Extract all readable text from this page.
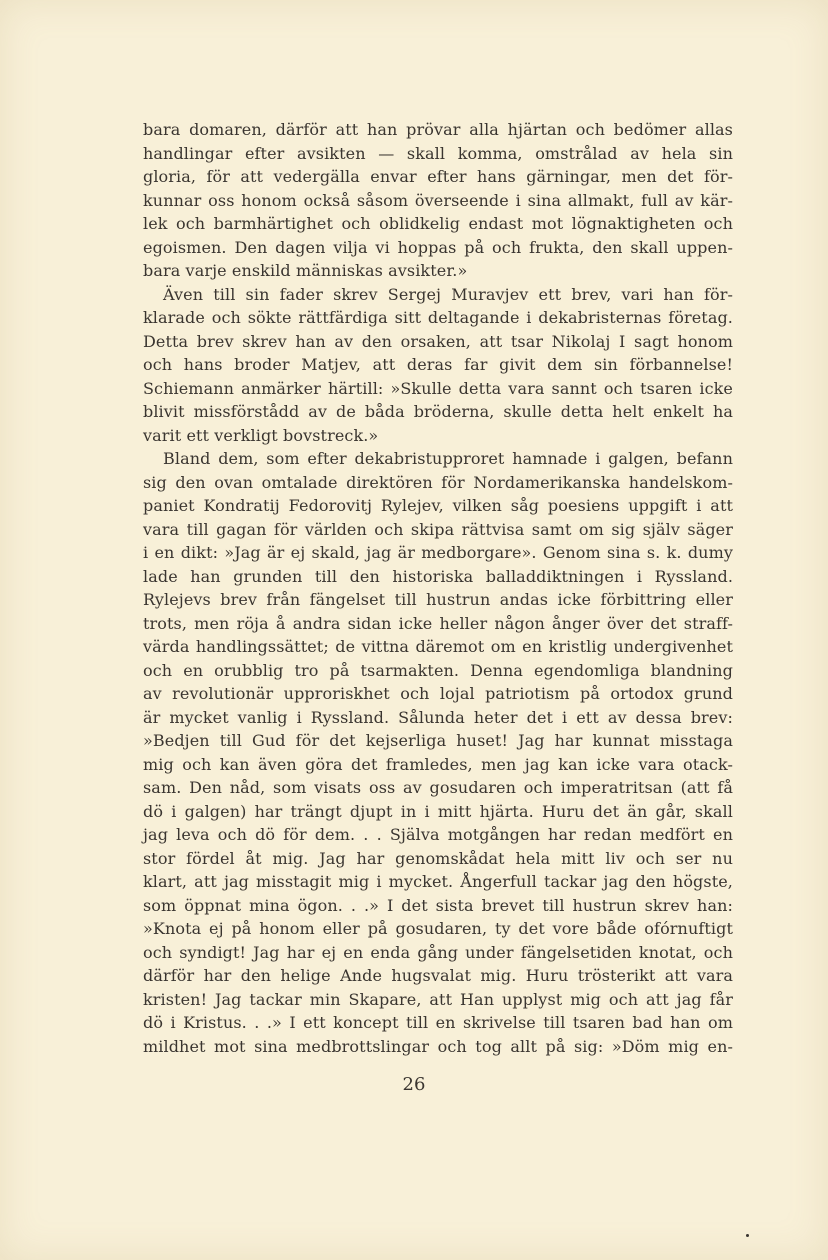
bara domaren, därför att han prövar alla hjärtan och bedömer allas
handlingar efter avsikten — skall komma, omstrålad av hela sin
gloria, för att vedergälla envar efter hans gärningar, men det för-
kunnar oss honom också såsom överseende i sina allmakt, full av kär-
lek och barmhärtighet och oblidkelig endast mot lögnaktigheten och
egoismen. Den dagen vilja vi hoppas på och frukta, den skall uppen-
bara varje enskild människas avsikter.»
Även till sin fader skrev Sergej Muravjev ett brev, vari han för-
klarade och sökte rättfärdiga sitt deltagande i dekabristernas företag.
Detta brev skrev han av den orsaken, att tsar Nikolaj I sagt honom
och hans broder Matjev, att deras far givit dem sin förbannelse!
Schiemann anmärker härtill: »Skulle detta vara sannt och tsaren icke
blivit missförstådd av de båda bröderna, skulle detta helt enkelt ha
varit ett verkligt bovstreck.»
Bland dem, som efter dekabristupproret hamnade i galgen, befann
sig den ovan omtalade direktören för Nordamerikanska handelskom-
paniet Kondratij Fedorovitj Rylejev, vilken såg poesiens uppgift i att
vara till gagan för världen och skipa rättvisa samt om sig själv säger
i en dikt: »Jag är ej skald, jag är medborgare». Genom sina s. k. dumy
lade han grunden till den historiska balladdiktningen i Ryssland.
Rylejevs brev från fängelset till hustrun andas icke förbittring eller
trots, men röja å andra sidan icke heller någon ånger över det straff-
värda handlingssättet; de vittna däremot om en kristlig undergivenhet
och en orubblig tro på tsarmakten. Denna egendomliga blandning
av revolutionär upproriskhet och lojal patriotism på ortodox grund
är mycket vanlig i Ryssland. Sålunda heter det i ett av dessa brev:
»Bedjen till Gud för det kejserliga huset! Jag har kunnat misstaga
mig och kan även göra det framledes, men jag kan icke vara otack-
sam. Den nåd, som visats oss av gosudaren och imperatritsan (att få
dö i galgen) har trängt djupt in i mitt hjärta. Huru det än går, skall
jag leva och dö för dem. . . Själva motgången har redan medfört en
stor fördel åt mig. Jag har genomskådat hela mitt liv och ser nu
klart, att jag misstagit mig i mycket. Ångerfull tackar jag den högste,
som öppnat mina ögon. . .» I det sista brevet till hustrun skrev han:
»Knota ej på honom eller på gosudaren, ty det vore både ofórnuftigt
och syndigt! Jag har ej en enda gång under fängelsetiden knotat, och
därför har den helige Ande hugsvalat mig. Huru trösterikt att vara
kristen! Jag tackar min Skapare, att Han upplyst mig och att jag får
dö i Kristus. . .» I ett koncept till en skrivelse till tsaren bad han om
mildhet mot sina medbrottslingar och tog allt på sig: »Döm mig en-
26
